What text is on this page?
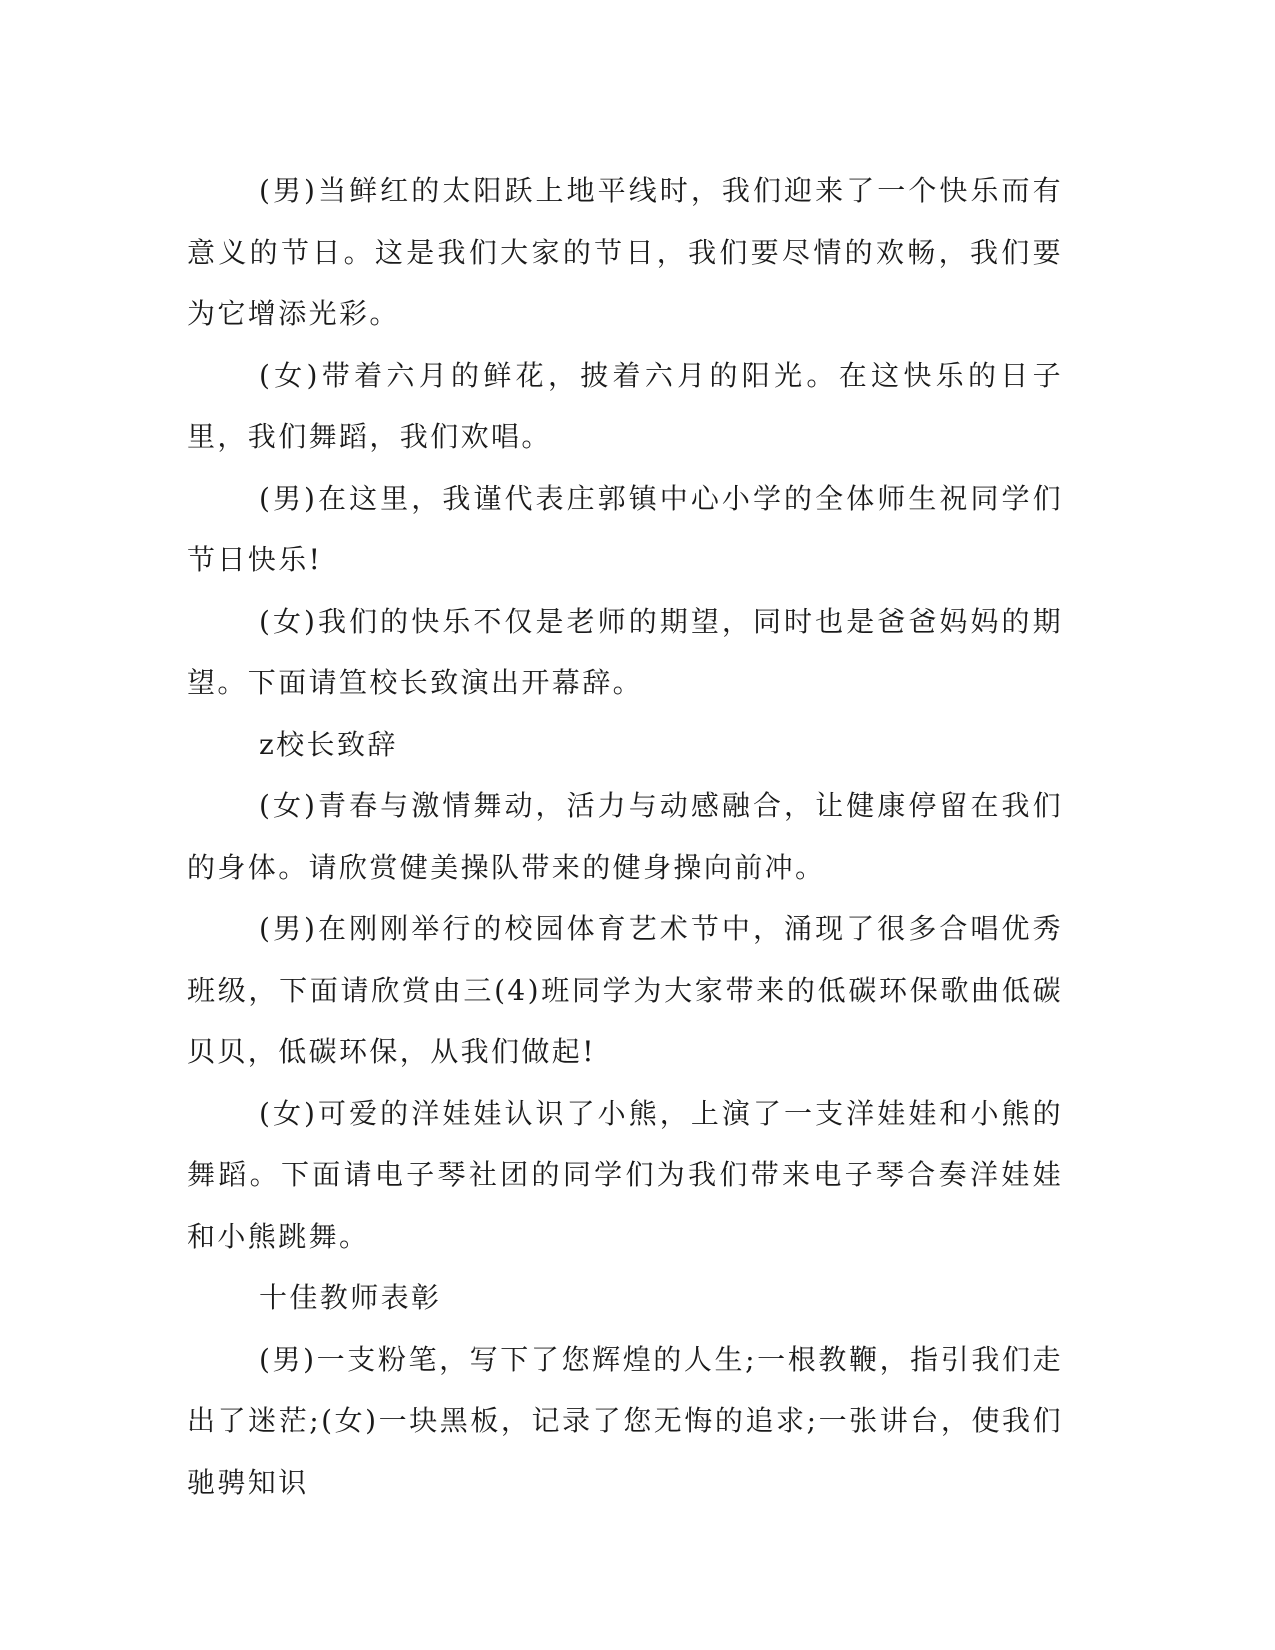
(男)当鲜红的太阳跃上地平线时，我们迎来了一个快乐而有意义的节日。这是我们大家的节日，我们要尽情的欢畅，我们要为它增添光彩。

(女)带着六月的鲜花，披着六月的阳光。在这快乐的日子里，我们舞蹈，我们欢唱。

(男)在这里，我谨代表庄郭镇中心小学的全体师生祝同学们节日快乐!

(女)我们的快乐不仅是老师的期望，同时也是爸爸妈妈的期望。下面请笪校长致演出开幕辞。

z校长致辞

(女)青春与激情舞动，活力与动感融合，让健康停留在我们的身体。请欣赏健美操队带来的健身操向前冲。

(男)在刚刚举行的校园体育艺术节中，涌现了很多合唱优秀班级，下面请欣赏由三(4)班同学为大家带来的低碳环保歌曲低碳贝贝，低碳环保，从我们做起!

(女)可爱的洋娃娃认识了小熊，上演了一支洋娃娃和小熊的舞蹈。下面请电子琴社团的同学们为我们带来电子琴合奏洋娃娃和小熊跳舞。

十佳教师表彰

(男)一支粉笔，写下了您辉煌的人生;一根教鞭，指引我们走出了迷茫;(女)一块黑板，记录了您无悔的追求;一张讲台，使我们驰骋知识
